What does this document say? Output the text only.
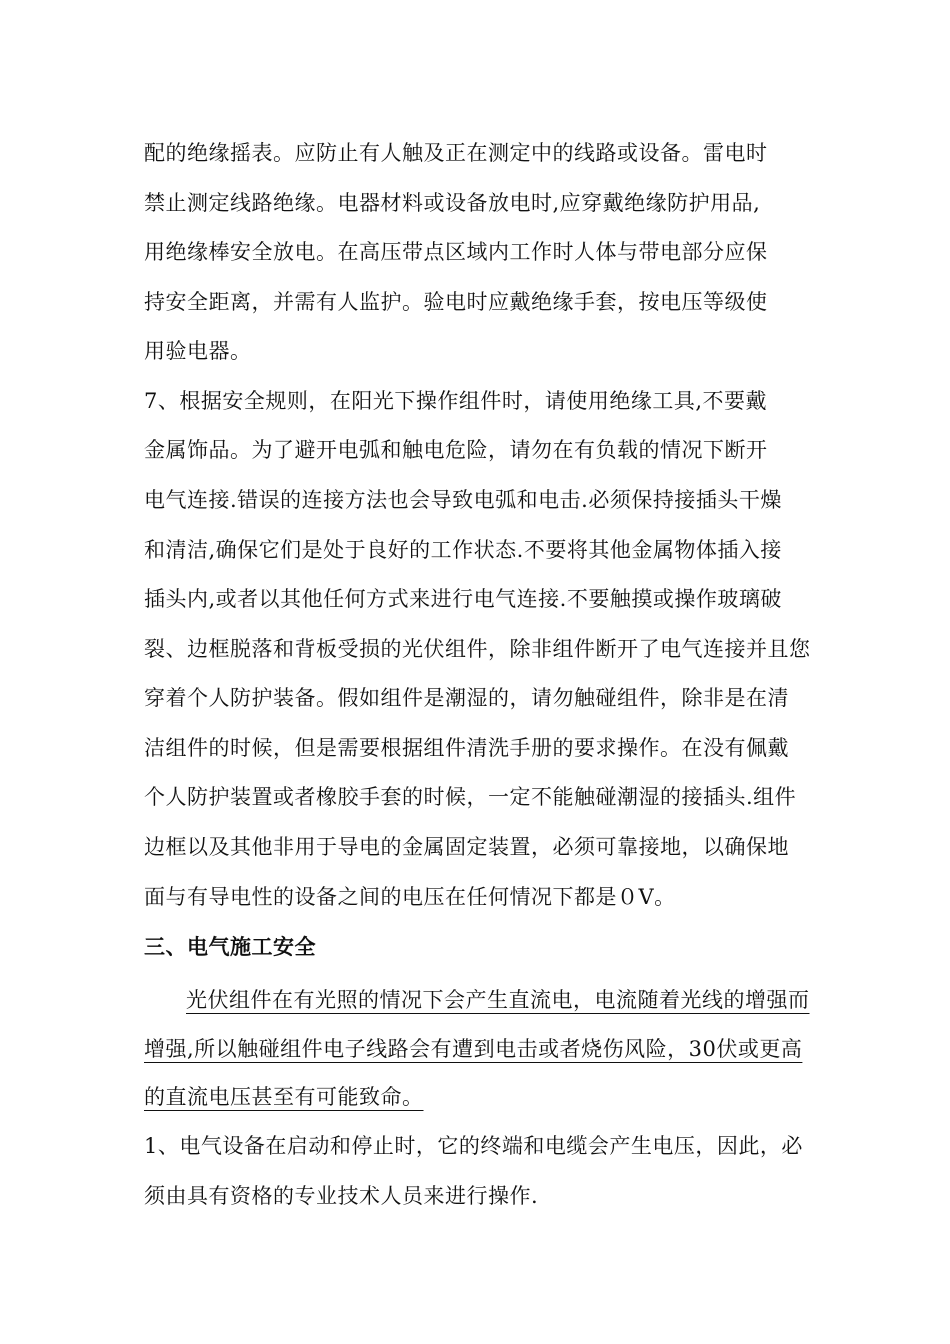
配的绝缘摇表。应防止有人触及正在测定中的线路或设备。雷电时
禁止测定线路绝缘。电器材料或设备放电时,应穿戴绝缘防护用品,
用绝缘棒安全放电。在高压带点区域内工作时人体与带电部分应保
持安全距离，并需有人监护。验电时应戴绝缘手套，按电压等级使
用验电器。
7、根据安全规则，在阳光下操作组件时，请使用绝缘工具,不要戴
金属饰品。为了避开电弧和触电危险，请勿在有负载的情况下断开
电气连接.错误的连接方法也会导致电弧和电击.必须保持接插头干燥
和清洁,确保它们是处于良好的工作状态.不要将其他金属物体插入接
插头内,或者以其他任何方式来进行电气连接.不要触摸或操作玻璃破
裂、边框脱落和背板受损的光伏组件，除非组件断开了电气连接并且您
穿着个人防护装备。假如组件是潮湿的，请勿触碰组件，除非是在清
洁组件的时候，但是需要根据组件清洗手册的要求操作。在没有佩戴
个人防护装置或者橡胶手套的时候，一定不能触碰潮湿的接插头.组件
边框以及其他非用于导电的金属固定装置，必须可靠接地，以确保地
面与有导电性的设备之间的电压在任何情况下都是０V。
三、电气施工安全
光伏组件在有光照的情况下会产生直流电，电流随着光线的增强而
增强,所以触碰组件电子线路会有遭到电击或者烧伤风险，30伏或更高
的直流电压甚至有可能致命。
1、电气设备在启动和停止时，它的终端和电缆会产生电压，因此，必
须由具有资格的专业技术人员来进行操作.
